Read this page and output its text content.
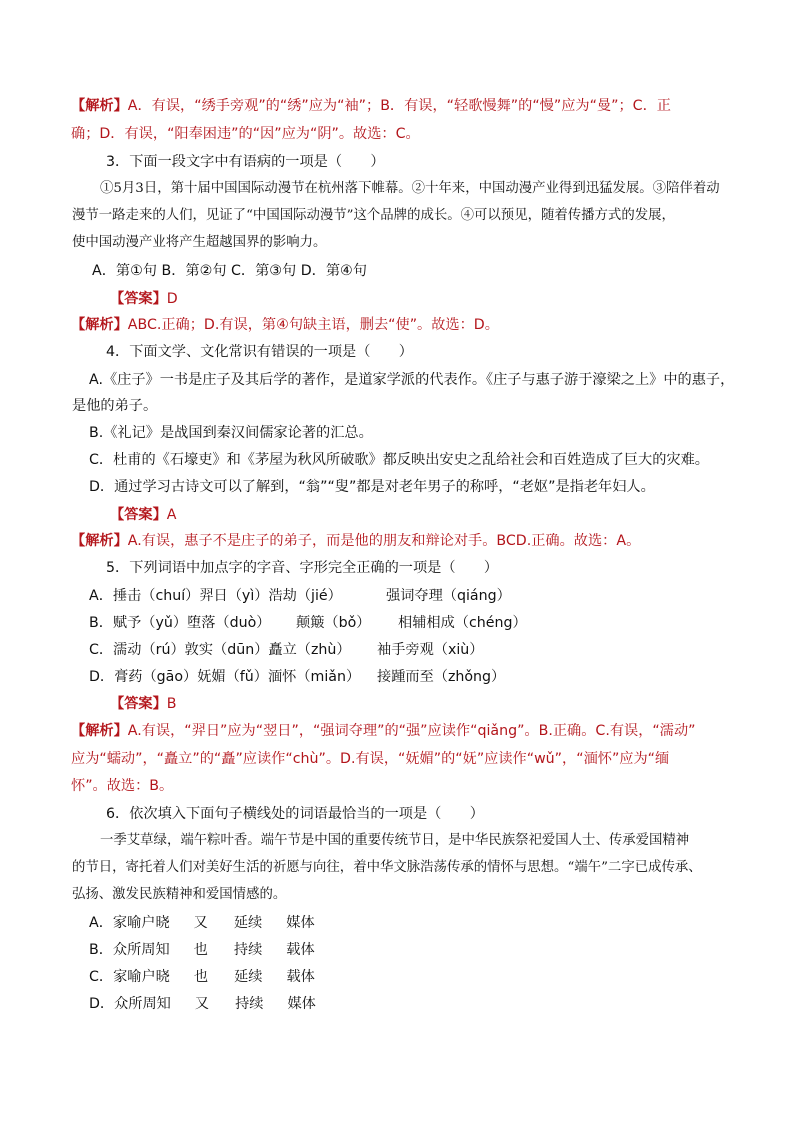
【解析】A．有误，“绣手旁观”的“绣”应为“袖”；B．有误，“轻歌慢舞”的“慢”应为“曼”；C．正
确；D．有误，“阳奉困违”的“因”应为“阴”。故选：C。
3．下面一段文字中有语病的一项是（　　）
①5月3日，第十届中国国际动漫节在杭州落下帷幕。②十年来，中国动漫产业得到迅猛发展。③陪伴着动
漫节一路走来的人们，见证了“中国国际动漫节”这个品牌的成长。④可以预见，随着传播方式的发展，
使中国动漫产业将产生超越国界的影响力。
A．第①句 B．第②句 C．第③句 D．第④句
【答案】D
【解析】ABC.正确；D.有误，第④句缺主语，删去“使”。故选：D。
4．下面文学、文化常识有错误的一项是（　　）
A.《庄子》一书是庄子及其后学的著作，是道家学派的代表作。《庄子与惠子游于濠梁之上》中的惠子，
是他的弟子。
B.《礼记》是战国到秦汉间儒家论著的汇总。
C．杜甫的《石壕吏》和《茅屋为秋风所破歌》都反映出安史之乱给社会和百姓造成了巨大的灾难。
D．通过学习古诗文可以了解到，“翁”“叟”都是对老年男子的称呼，“老妪”是指老年妇人。
【答案】A
【解析】A.有误，惠子不是庄子的弟子，而是他的朋友和辩论对手。BCD.正确。故选：A。
5．下列词语中加点字的字音、字形完全正确的一项是（　　）
A．捶击（chuí）羿日（yì）浩劫（jié）	强词夺理（qiáng）
B．赋予（yǔ）堕落（duò） 颠簸（bǒ） 相辅相成（chéng）
C．濡动（rú）敦实（dūn）矗立（zhù） 袖手旁观（xiù）
D．膏药（gāo）妩媚（fǔ）湎怀（miǎn） 接踵而至（zhǒng）
【答案】B
【解析】A.有误，“羿日”应为“翌日”，“强词夺理”的“强”应读作“qiǎng”。B.正确。C.有误，“濡动”
应为“蠕动”，“矗立”的“矗”应读作“chù”。D.有误，“妩媚”的“妩”应读作“wǔ”，“湎怀”应为“缅
怀”。故选：B。
6．依次填入下面句子横线处的词语最恰当的一项是（　　）
一季艾草绿，端午粽叶香。端午节是中国的重要传统节日，是中华民族祭祀爱国人士、传承爱国精神
的节日，寄托着人们对美好生活的祈愿与向往，着中华文脉浩荡传承的情怀与思想。“端午”二字已成传承、
弘扬、激发民族精神和爱国情感的。
A．家喻户晓 又 延续 媒体
B．众所周知 也 持续 载体
C．家喻户晓 也 延续 载体
D．众所周知 又 持续 媒体
